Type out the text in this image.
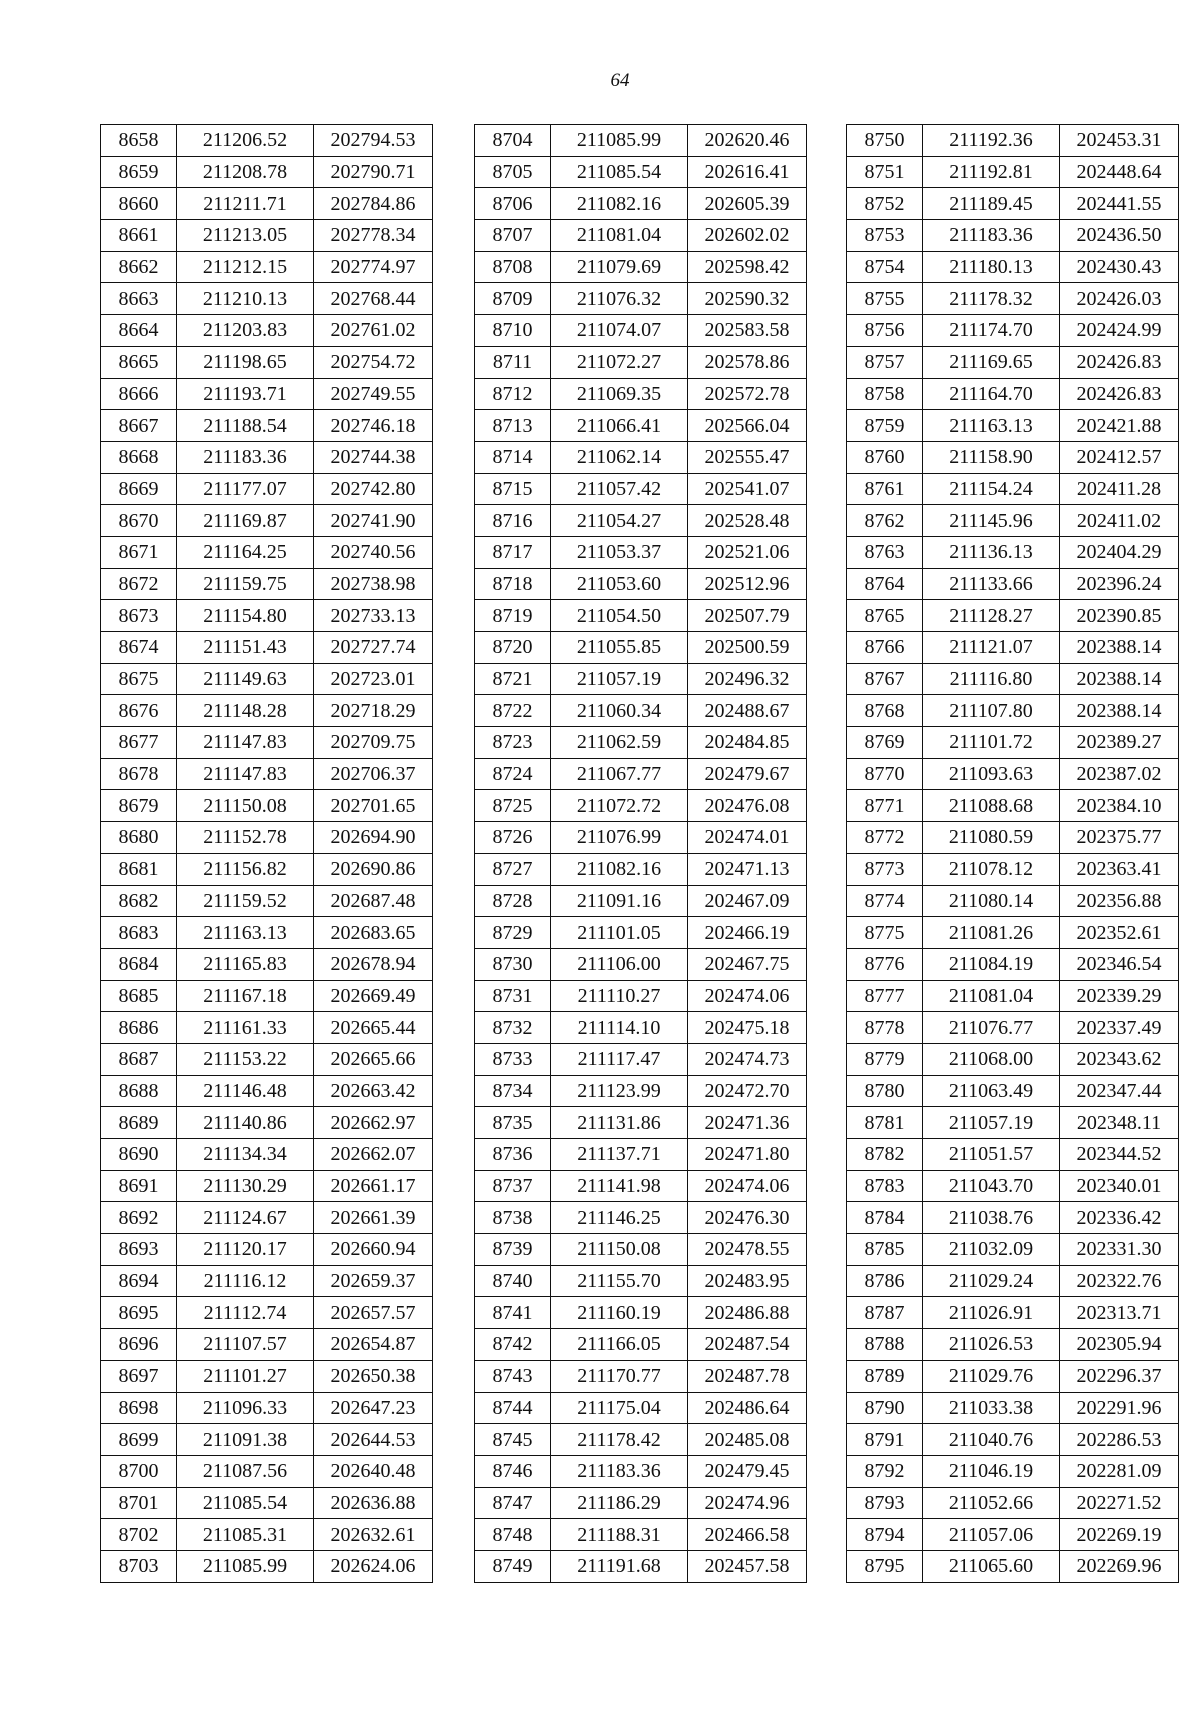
64
8658	211206.52	202794.53
8659	211208.78	202790.71
8660	211211.71	202784.86
8661	211213.05	202778.34
8662	211212.15	202774.97
8663	211210.13	202768.44
8664	211203.83	202761.02
8665	211198.65	202754.72
8666	211193.71	202749.55
8667	211188.54	202746.18
8668	211183.36	202744.38
8669	211177.07	202742.80
8670	211169.87	202741.90
8671	211164.25	202740.56
8672	211159.75	202738.98
8673	211154.80	202733.13
8674	211151.43	202727.74
8675	211149.63	202723.01
8676	211148.28	202718.29
8677	211147.83	202709.75
8678	211147.83	202706.37
8679	211150.08	202701.65
8680	211152.78	202694.90
8681	211156.82	202690.86
8682	211159.52	202687.48
8683	211163.13	202683.65
8684	211165.83	202678.94
8685	211167.18	202669.49
8686	211161.33	202665.44
8687	211153.22	202665.66
8688	211146.48	202663.42
8689	211140.86	202662.97
8690	211134.34	202662.07
8691	211130.29	202661.17
8692	211124.67	202661.39
8693	211120.17	202660.94
8694	211116.12	202659.37
8695	211112.74	202657.57
8696	211107.57	202654.87
8697	211101.27	202650.38
8698	211096.33	202647.23
8699	211091.38	202644.53
8700	211087.56	202640.48
8701	211085.54	202636.88
8702	211085.31	202632.61
8703	211085.99	202624.06
8704	211085.99	202620.46
8705	211085.54	202616.41
8706	211082.16	202605.39
8707	211081.04	202602.02
8708	211079.69	202598.42
8709	211076.32	202590.32
8710	211074.07	202583.58
8711	211072.27	202578.86
8712	211069.35	202572.78
8713	211066.41	202566.04
8714	211062.14	202555.47
8715	211057.42	202541.07
8716	211054.27	202528.48
8717	211053.37	202521.06
8718	211053.60	202512.96
8719	211054.50	202507.79
8720	211055.85	202500.59
8721	211057.19	202496.32
8722	211060.34	202488.67
8723	211062.59	202484.85
8724	211067.77	202479.67
8725	211072.72	202476.08
8726	211076.99	202474.01
8727	211082.16	202471.13
8728	211091.16	202467.09
8729	211101.05	202466.19
8730	211106.00	202467.75
8731	211110.27	202474.06
8732	211114.10	202475.18
8733	211117.47	202474.73
8734	211123.99	202472.70
8735	211131.86	202471.36
8736	211137.71	202471.80
8737	211141.98	202474.06
8738	211146.25	202476.30
8739	211150.08	202478.55
8740	211155.70	202483.95
8741	211160.19	202486.88
8742	211166.05	202487.54
8743	211170.77	202487.78
8744	211175.04	202486.64
8745	211178.42	202485.08
8746	211183.36	202479.45
8747	211186.29	202474.96
8748	211188.31	202466.58
8749	211191.68	202457.58
8750	211192.36	202453.31
8751	211192.81	202448.64
8752	211189.45	202441.55
8753	211183.36	202436.50
8754	211180.13	202430.43
8755	211178.32	202426.03
8756	211174.70	202424.99
8757	211169.65	202426.83
8758	211164.70	202426.83
8759	211163.13	202421.88
8760	211158.90	202412.57
8761	211154.24	202411.28
8762	211145.96	202411.02
8763	211136.13	202404.29
8764	211133.66	202396.24
8765	211128.27	202390.85
8766	211121.07	202388.14
8767	211116.80	202388.14
8768	211107.80	202388.14
8769	211101.72	202389.27
8770	211093.63	202387.02
8771	211088.68	202384.10
8772	211080.59	202375.77
8773	211078.12	202363.41
8774	211080.14	202356.88
8775	211081.26	202352.61
8776	211084.19	202346.54
8777	211081.04	202339.29
8778	211076.77	202337.49
8779	211068.00	202343.62
8780	211063.49	202347.44
8781	211057.19	202348.11
8782	211051.57	202344.52
8783	211043.70	202340.01
8784	211038.76	202336.42
8785	211032.09	202331.30
8786	211029.24	202322.76
8787	211026.91	202313.71
8788	211026.53	202305.94
8789	211029.76	202296.37
8790	211033.38	202291.96
8791	211040.76	202286.53
8792	211046.19	202281.09
8793	211052.66	202271.52
8794	211057.06	202269.19
8795	211065.60	202269.96
